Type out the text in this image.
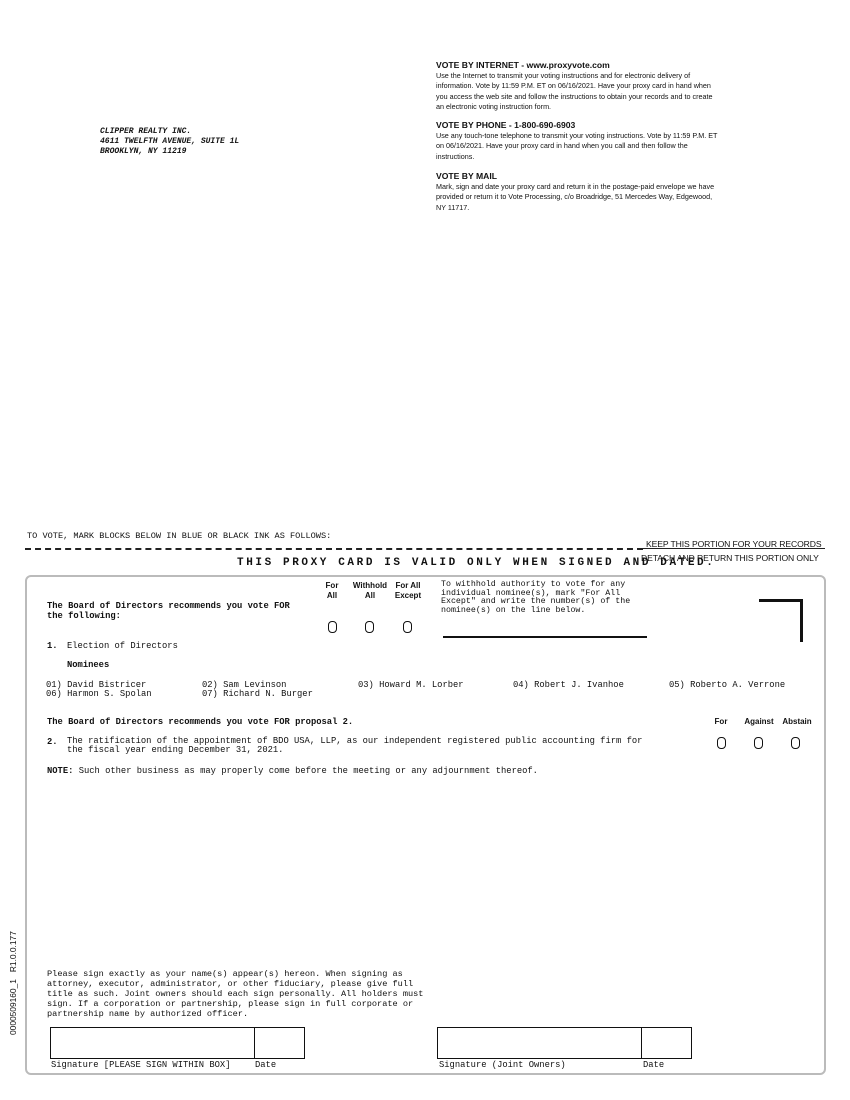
CLIPPER REALTY INC.
4611 TWELFTH AVENUE, SUITE 1L
BROOKLYN, NY 11219
VOTE BY INTERNET - www.proxyvote.com
Use the Internet to transmit your voting instructions and for electronic delivery of
information. Vote by 11:59 P.M. ET on 06/16/2021. Have your proxy card in hand when
you access the web site and follow the instructions to obtain your records and to create
an electronic voting instruction form.
VOTE BY PHONE - 1-800-690-6903
Use any touch-tone telephone to transmit your voting instructions. Vote by 11:59 P.M. ET
on 06/16/2021. Have your proxy card in hand when you call and then follow the
instructions.
VOTE BY MAIL
Mark, sign and date your proxy card and return it in the postage-paid envelope we have
provided or return it to Vote Processing, c/o Broadridge, 51 Mercedes Way, Edgewood,
NY 11717.
TO VOTE, MARK BLOCKS BELOW IN BLUE OR BLACK INK AS FOLLOWS:
KEEP THIS PORTION FOR YOUR RECORDS
DETACH AND RETURN THIS PORTION ONLY
THIS PROXY CARD IS VALID ONLY WHEN SIGNED AND DATED.
The Board of Directors recommends you vote FOR
the following:
For
All
Withhold
All
For All
Except
To withhold authority to vote for any
individual nominee(s), mark "For All
Except" and write the number(s) of the
nominee(s) on the line below.
1. Election of Directors
Nominees
01) David Bistricer	02) Sam Levinson	03) Howard M. Lorber	04) Robert J. Ivanhoe	05) Roberto A. Verrone
06) Harmon S. Spolan	07) Richard N. Burger
The Board of Directors recommends you vote FOR proposal 2.	For	Against	Abstain
2. The ratification of the appointment of BDO USA, LLP, as our independent registered public accounting firm for
the fiscal year ending December 31, 2021.
NOTE: Such other business as may properly come before the meeting or any adjournment thereof.
Please sign exactly as your name(s) appear(s) hereon. When signing as
attorney, executor, administrator, or other fiduciary, please give full
title as such. Joint owners should each sign personally. All holders must
sign. If a corporation or partnership, please sign in full corporate or
partnership name by authorized officer.
Signature [PLEASE SIGN WITHIN BOX]	Date	Signature (Joint Owners)	Date
0000509160_1   R1.0.0.177
